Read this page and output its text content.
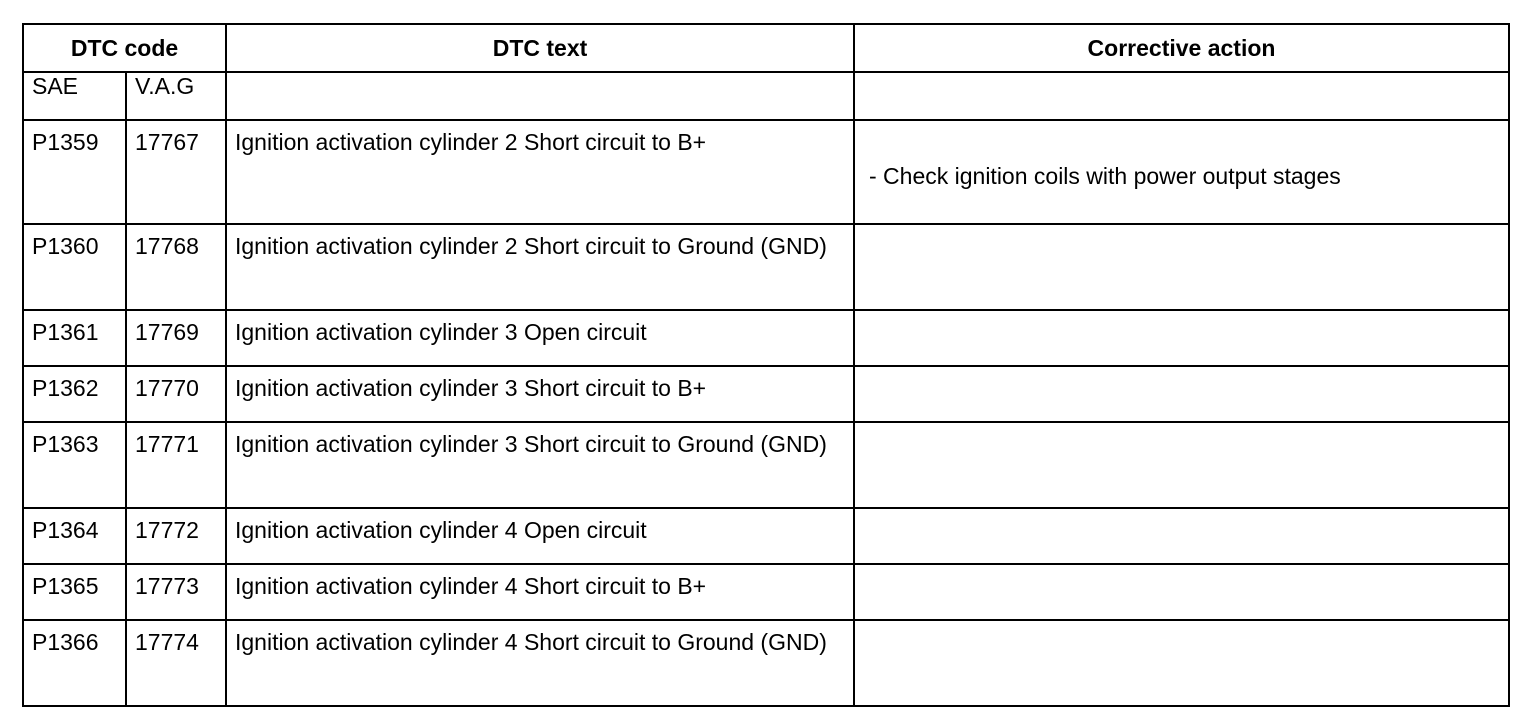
DTC code		DTC text	Corrective action
SAE	V.A.G		
P1359	17767	Ignition activation cylinder 2 Short circuit to B+	- Check ignition coils with power output stages
P1360	17768	Ignition activation cylinder 2 Short circuit to Ground (GND)	
P1361	17769	Ignition activation cylinder 3 Open circuit	
P1362	17770	Ignition activation cylinder 3 Short circuit to B+	
P1363	17771	Ignition activation cylinder 3 Short circuit to Ground (GND)	
P1364	17772	Ignition activation cylinder 4 Open circuit	
P1365	17773	Ignition activation cylinder 4 Short circuit to B+	
P1366	17774	Ignition activation cylinder 4 Short circuit to Ground (GND)	
